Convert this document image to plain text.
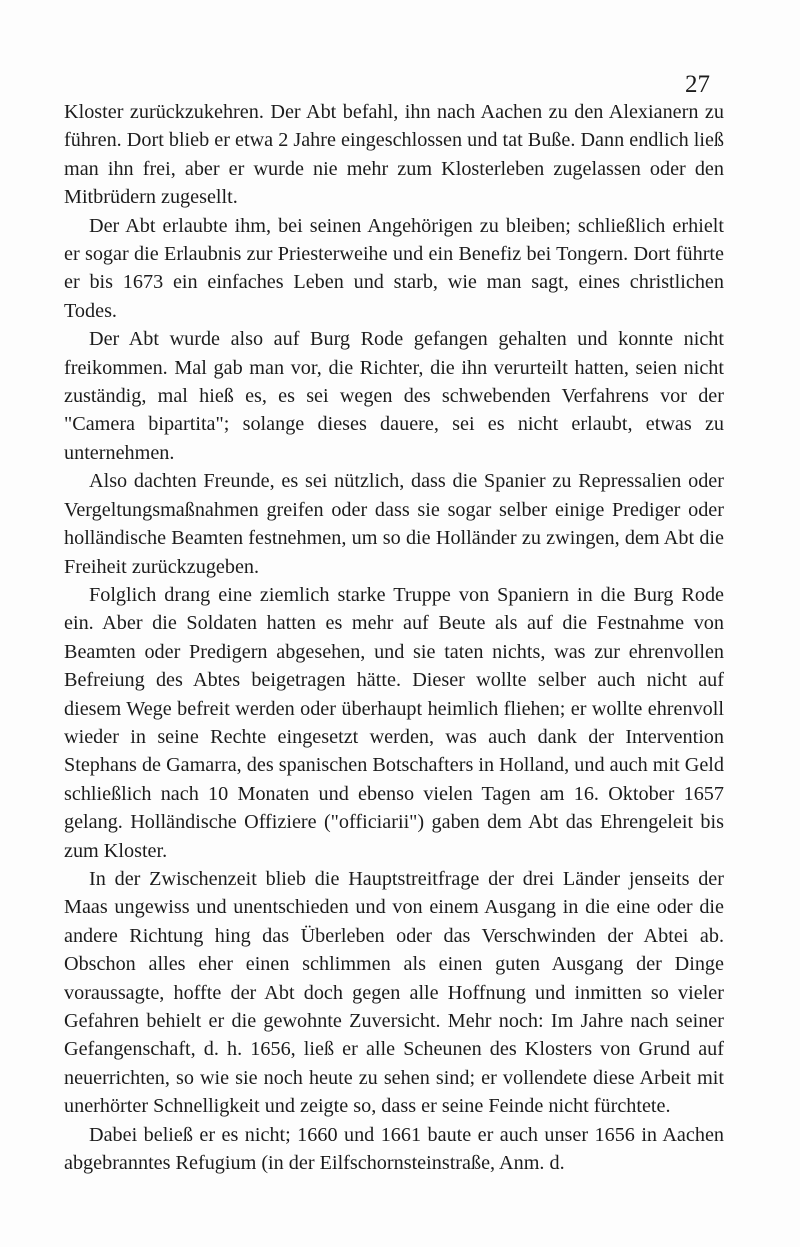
27

Kloster zurückzukehren. Der Abt befahl, ihn nach Aachen zu den Alexianern zu führen. Dort blieb er etwa 2 Jahre eingeschlossen und tat Buße. Dann endlich ließ man ihn frei, aber er wurde nie mehr zum Klosterleben zugelassen oder den Mitbrüdern zugesellt.

Der Abt erlaubte ihm, bei seinen Angehörigen zu bleiben; schließlich erhielt er sogar die Erlaubnis zur Priesterweihe und ein Benefiz bei Tongern. Dort führte er bis 1673 ein einfaches Leben und starb, wie man sagt, eines christlichen Todes.

Der Abt wurde also auf Burg Rode gefangen gehalten und konnte nicht freikommen. Mal gab man vor, die Richter, die ihn verurteilt hatten, seien nicht zuständig, mal hieß es, es sei wegen des schwebenden Verfahrens vor der "Camera bipartita"; solange dieses dauere, sei es nicht erlaubt, etwas zu unternehmen.

Also dachten Freunde, es sei nützlich, dass die Spanier zu Repressalien oder Vergeltungsmaßnahmen greifen oder dass sie sogar selber einige Prediger oder holländische Beamten festnehmen, um so die Holländer zu zwingen, dem Abt die Freiheit zurückzugeben.

Folglich drang eine ziemlich starke Truppe von Spaniern in die Burg Rode ein. Aber die Soldaten hatten es mehr auf Beute als auf die Festnahme von Beamten oder Predigern abgesehen, und sie taten nichts, was zur ehrenvollen Befreiung des Abtes beigetragen hätte. Dieser wollte selber auch nicht auf diesem Wege befreit werden oder überhaupt heimlich fliehen; er wollte ehrenvoll wieder in seine Rechte eingesetzt werden, was auch dank der Intervention Stephans de Gamarra, des spanischen Botschafters in Holland, und auch mit Geld schließlich nach 10 Monaten und ebenso vielen Tagen am 16. Oktober 1657 gelang. Holländische Offiziere ("officiarii") gaben dem Abt das Ehrengeleit bis zum Kloster.

In der Zwischenzeit blieb die Hauptstreitfrage der drei Länder jenseits der Maas ungewiss und unentschieden und von einem Ausgang in die eine oder die andere Richtung hing das Überleben oder das Verschwinden der Abtei ab. Obschon alles eher einen schlimmen als einen guten Ausgang der Dinge voraussagte, hoffte der Abt doch gegen alle Hoffnung und inmitten so vieler Gefahren behielt er die gewohnte Zuversicht. Mehr noch: Im Jahre nach seiner Gefangenschaft, d. h. 1656, ließ er alle Scheunen des Klosters von Grund auf neuerrichten, so wie sie noch heute zu sehen sind; er vollendete diese Arbeit mit unerhörter Schnelligkeit und zeigte so, dass er seine Feinde nicht fürchtete.

Dabei beließ er es nicht; 1660 und 1661 baute er auch unser 1656 in Aachen abgebranntes Refugium (in der Eilfschornsteinstraße, Anm. d.
